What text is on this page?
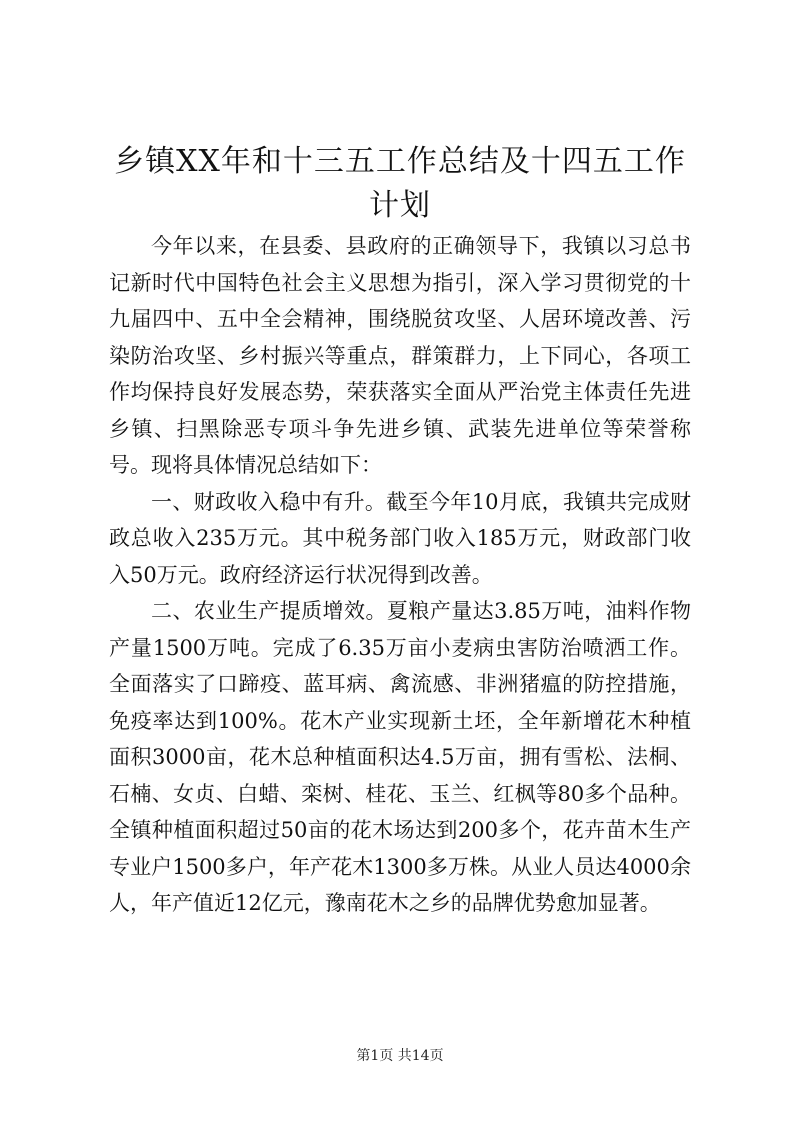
乡镇XX年和十三五工作总结及十四五工作计划

今年以来，在县委、县政府的正确领导下，我镇以习总书记新时代中国特色社会主义思想为指引，深入学习贯彻党的十九届四中、五中全会精神，围绕脱贫攻坚、人居环境改善、污染防治攻坚、乡村振兴等重点，群策群力，上下同心，各项工作均保持良好发展态势，荣获落实全面从严治党主体责任先进乡镇、扫黑除恶专项斗争先进乡镇、武装先进单位等荣誉称号。现将具体情况总结如下：

一、财政收入稳中有升。截至今年10月底，我镇共完成财政总收入235万元。其中税务部门收入185万元，财政部门收入50万元。政府经济运行状况得到改善。

二、农业生产提质增效。夏粮产量达3.85万吨，油料作物产量1500万吨。完成了6.35万亩小麦病虫害防治喷洒工作。全面落实了口蹄疫、蓝耳病、禽流感、非洲猪瘟的防控措施，免疫率达到100%。花木产业实现新土坯，全年新增花木种植面积3000亩，花木总种植面积达4.5万亩，拥有雪松、法桐、石楠、女贞、白蜡、栾树、桂花、玉兰、红枫等80多个品种。全镇种植面积超过50亩的花木场达到200多个，花卉苗木生产专业户1500多户，年产花木1300多万株。从业人员达4000余人，年产值近12亿元，豫南花木之乡的品牌优势愈加显著。

第1页 共14页
